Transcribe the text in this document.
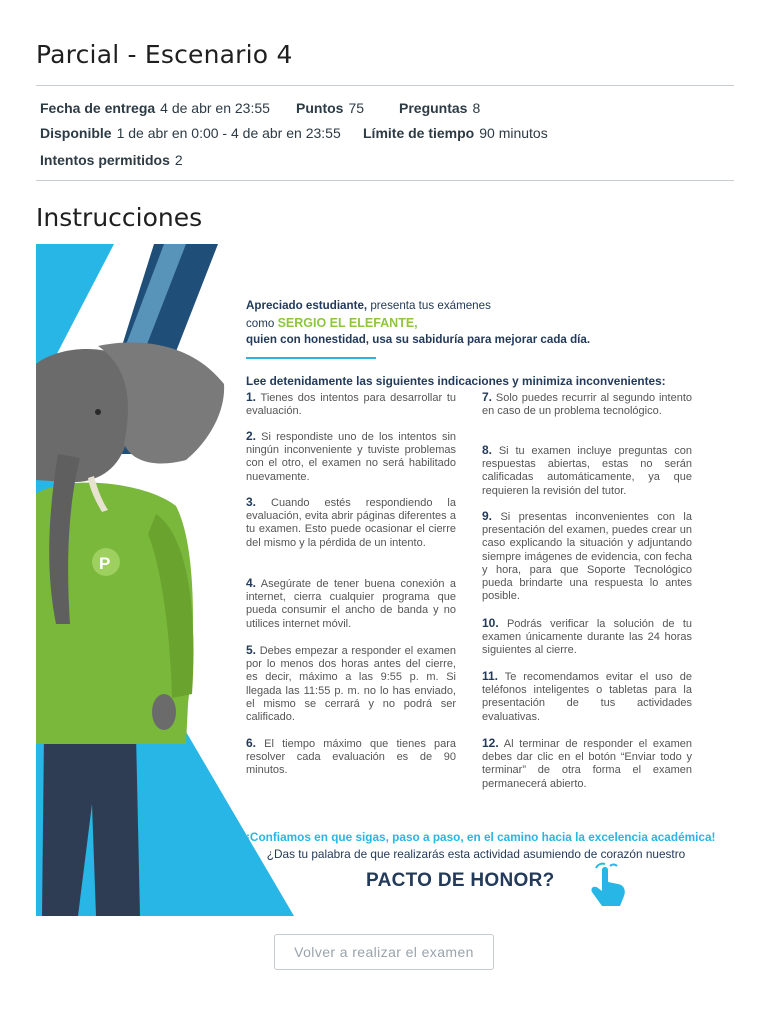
Parcial - Escenario 4
Fecha de entrega 4 de abr en 23:55 Puntos 75 Preguntas 8
Disponible 1 de abr en 0:00 - 4 de abr en 23:55 Límite de tiempo 90 minutos
Intentos permitidos 2
Instrucciones
P
Apreciado estudiante, presenta tus exámenes
como SERGIO EL ELEFANTE,
quien con honestidad, usa su sabiduría para mejorar cada día.
Lee detenidamente las siguientes indicaciones y minimiza inconvenientes:
1. Tienes dos intentos para desarrollar tu evaluación.
2. Si respondiste uno de los intentos sin ningún inconveniente y tuviste problemas con el otro, el examen no será habilitado nuevamente.
3. Cuando estés respondiendo la evaluación, evita abrir páginas diferentes a tu examen. Esto puede ocasionar el cierre del mismo y la pérdida de un intento.
4. Asegúrate de tener buena conexión a internet, cierra cualquier programa que pueda consumir el ancho de banda y no utilices internet móvil.
5. Debes empezar a responder el examen por lo menos dos horas antes del cierre, es decir, máximo a las 9:55 p. m. Si llegada las 11:55 p. m. no lo has enviado, el mismo se cerrará y no podrá ser calificado.
6. El tiempo máximo que tienes para resolver cada evaluación es de 90 minutos.
7. Solo puedes recurrir al segundo intento en caso de un problema tecnológico.
8. Si tu examen incluye preguntas con respuestas abiertas, estas no serán calificadas automáticamente, ya que requieren la revisión del tutor.
9. Si presentas inconvenientes con la presentación del examen, puedes crear un caso explicando la situación y adjuntando siempre imágenes de evidencia, con fecha y hora, para que Soporte Tecnológico pueda brindarte una respuesta lo antes posible.
10. Podrás verificar la solución de tu examen únicamente durante las 24 horas siguientes al cierre.
11. Te recomendamos evitar el uso de teléfonos inteligentes o tabletas para la presentación de tus actividades evaluativas.
12. Al terminar de responder el examen debes dar clic en el botón “Enviar todo y terminar” de otra forma el examen permanecerá abierto.
¡Confiamos en que sigas, paso a paso, en el camino hacia la excelencia académica!
¿Das tu palabra de que realizarás esta actividad asumiendo de corazón nuestro
PACTO DE HONOR?
Volver a realizar el examen
